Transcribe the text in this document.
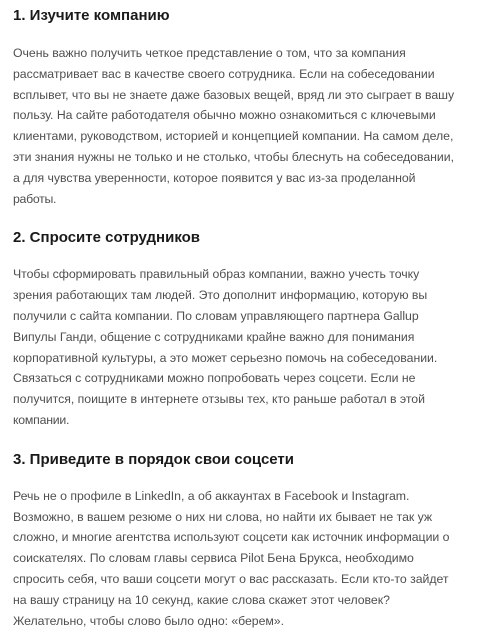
1. Изучите компанию

Очень важно получить четкое представление о том, что за компания
рассматривает вас в качестве своего сотрудника. Если на собеседовании
всплывет, что вы не знаете даже базовых вещей, вряд ли это сыграет в вашу
пользу. На сайте работодателя обычно можно ознакомиться с ключевыми
клиентами, руководством, историей и концепцией компании. На самом деле,
эти знания нужны не только и не столько, чтобы блеснуть на собеседовании,
а для чувства уверенности, которое появится у вас из-за проделанной
работы.

2. Спросите сотрудников

Чтобы сформировать правильный образ компании, важно учесть точку
зрения работающих там людей. Это дополнит информацию, которую вы
получили с сайта компании. По словам управляющего партнера Gallup
Випулы Ганди, общение с сотрудниками крайне важно для понимания
корпоративной культуры, а это может серьезно помочь на собеседовании.
Связаться с сотрудниками можно попробовать через соцсети. Если не
получится, поищите в интернете отзывы тех, кто раньше работал в этой
компании.

3. Приведите в порядок свои соцсети

Речь не о профиле в LinkedIn, а об аккаунтах в Facebook и Instagram.
Возможно, в вашем резюме о них ни слова, но найти их бывает не так уж
сложно, и многие агентства используют соцсети как источник информации о
соискателях. По словам главы сервиса Pilot Бена Брукса, необходимо
спросить себя, что ваши соцсети могут о вас рассказать. Если кто-то зайдет
на вашу страницу на 10 секунд, какие слова скажет этот человек?
Желательно, чтобы слово было одно: «берем».
